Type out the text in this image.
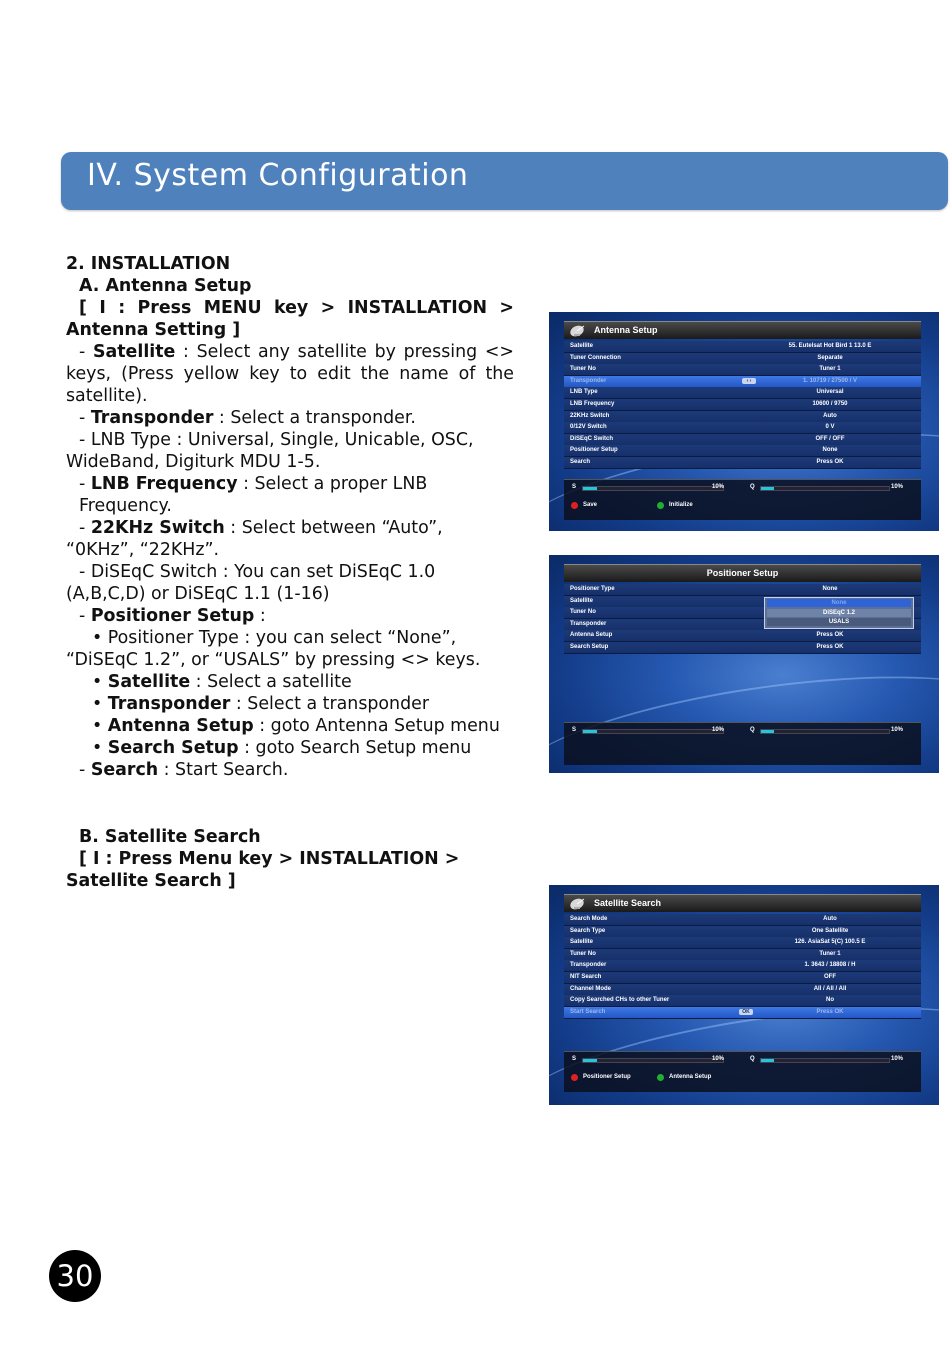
IV. System Configuration

2. INSTALLATION

A. Antenna Setup

[ I : Press MENU key > INSTALLATION > Antenna Setting ]

- Satellite : Select any satellite by pressing <> keys, (Press yellow key to edit the name of the satellite).

- Transponder : Select a transponder.

- LNB Type : Universal, Single, Unicable, OSC, WideBand, Digiturk MDU 1-5.

- LNB Frequency : Select a proper LNB Frequency.

- 22KHz Switch : Select between “Auto”, “0KHz”, “22KHz”.

- DiSEqC Switch : You can set DiSEqC 1.0 (A,B,C,D) or DiSEqC 1.1 (1-16)

- Positioner Setup :

• Positioner Type : you can select “None”, “DiSEqC 1.2”, or “USALS” by pressing <> keys.

• Satellite : Select a satellite

• Transponder : Select a transponder

• Antenna Setup : goto Antenna Setup menu

• Search Setup : goto Search Setup menu

- Search : Start Search.

B. Satellite Search

[ I : Press Menu key > INSTALLATION > Satellite Search ]

Antenna Setup
Satellite	55. Eutelsat Hot Bird 1 13.0 E
Tuner Connection	Separate
Tuner No	Tuner 1
Transponder	1. 10719 / 27500 / V
‹ ›
LNB Type	Universal
LNB Frequency	10600 / 9750
22KHz Switch	Auto
0/12V Switch	0 V
DiSEqC Switch	OFF / OFF
Positioner Setup	None
Search	Press OK
S	10%	Q	10%
Save	Initialize
Positioner Setup
Positioner Type	None
Satellite
Tuner No
Transponder
Antenna Setup	Press OK
Search Setup	Press OK
None
DiSEqC 1.2
USALS
S	10%	Q	10%
Satellite Search
Search Mode	Auto
Search Type	One Satellite
Satellite	126. AsiaSat 5(C) 100.5 E
Tuner No	Tuner 1
Transponder	1. 3643 / 18808 / H
NIT Search	OFF
Channel Mode	All / All / All
Copy Searched CHs to other Tuner	No
Start Search	Press OK
OK
S	10%	Q	10%
Positioner Setup	Antenna Setup
30
